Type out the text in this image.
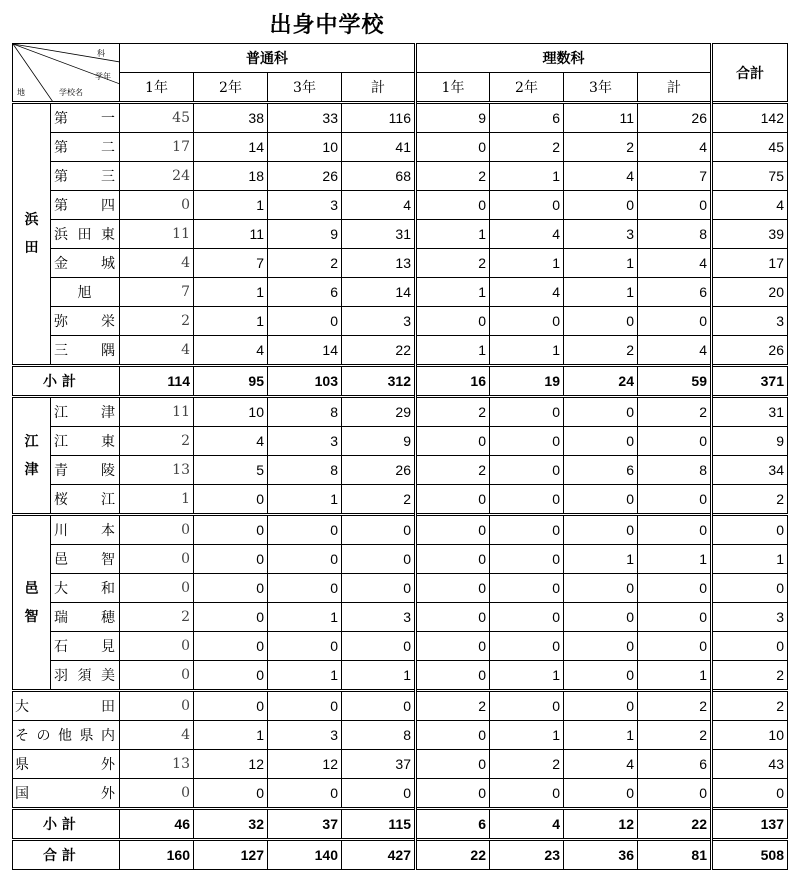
出身中学校
科
学年
学校名
地		普通科				理数科				合計
		1年	2年	3年	計	1年	2年	3年	計	

浜
田	第 一	45	38	33	116	9	6	11	26	142

	第 二	17	14	10	41	0	2	2	4	45

	第 三	24	18	26	68	2	1	4	7	75

	第 四	0	1	3	4	0	0	0	0	4

	浜 田 東	11	11	9	31	1	4	3	8	39

	金 城	4	7	2	13	2	1	1	4	17

	旭	7	1	6	14	1	4	1	6	20

	弥 栄	2	1	0	3	0	0	0	0	3

	三 隅	4	4	14	22	1	1	2	4	26
小 計		114	95	103	312	16	19	24	59	371

江
津	江 津	11	10	8	29	2	0	0	2	31

	江 東	2	4	3	9	0	0	0	0	9

	青 陵	13	5	8	26	2	0	6	8	34

	桜 江	1	0	1	2	0	0	0	0	2

邑
智	川 本	0	0	0	0	0	0	0	0	0

	邑 智	0	0	0	0	0	0	1	1	1

	大 和	0	0	0	0	0	0	0	0	0

	瑞 穂	2	0	1	3	0	0	0	0	3

	石 見	0	0	0	0	0	0	0	0	0

	羽 須 美	0	0	1	1	0	1	0	1	2

大 田		0	0	0	0	2	0	0	2	2

そ の 他 県 内		4	1	3	8	0	1	1	2	10

県 外		13	12	12	37	0	2	4	6	43

国 外		0	0	0	0	0	0	0	0	0
小 計		46	32	37	115	6	4	12	22	137
合 計		160	127	140	427	22	23	36	81	508
